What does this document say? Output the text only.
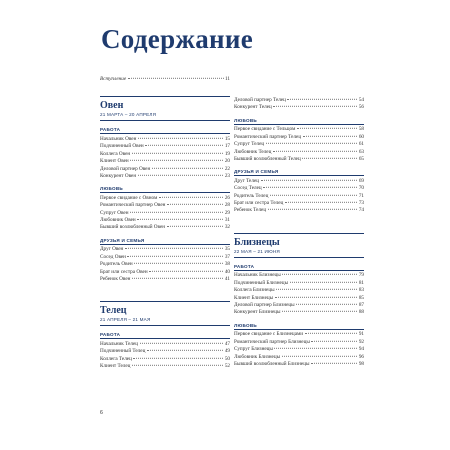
Содержание
Вступление	11
Овен
21 МАРТА – 20 АПРЕЛЯ
РАБОТА
Начальник Овен	15
Подчиненный Овен	17
Коллега Овен	19
Клиент Овен	20
Деловой партнер Овен	22
Конкурент Овен	23
ЛЮБОВЬ
Первое свидание с Овном	26
Романтический партнер Овен	28
Супруг Овен	29
Любовник Овен	31
Бывший возлюбленный Овен	32
ДРУЗЬЯ И СЕМЬЯ
Друг Овен	35
Сосед Овен	37
Родитель Овен	38
Брат или сестра Овен	40
Ребенок Овен	41
Телец
21 АПРЕЛЯ – 21 МАЯ
РАБОТА
Начальник Телец	47
Подчиненный Телец	49
Коллега Телец	50
Клиент Телец	52
Деловой партнер Телец	54
Конкурент Телец	56
ЛЮБОВЬ
Первое свидание с Тельцом	58
Романтический партнер Телец	60
Супруг Телец	61
Любовник Телец	63
Бывший возлюбленный Телец	65
ДРУЗЬЯ И СЕМЬЯ
Друг Телец	69
Сосед Телец	70
Родитель Телец	71
Брат или сестра Телец	73
Ребенок Телец	74
Близнецы
22 МАЯ – 21 ИЮНЯ
РАБОТА
Начальник Близнецы	79
Подчиненный Близнецы	81
Коллега Близнецы	83
Клиент Близнецы	85
Деловой партнер Близнецы	87
Конкурент Близнецы	88
ЛЮБОВЬ
Первое свидание с Близнецами	91
Романтический партнер Близнецы	92
Супруг Близнецы	94
Любовник Близнецы	96
Бывший возлюбленный Близнецы	98
6
